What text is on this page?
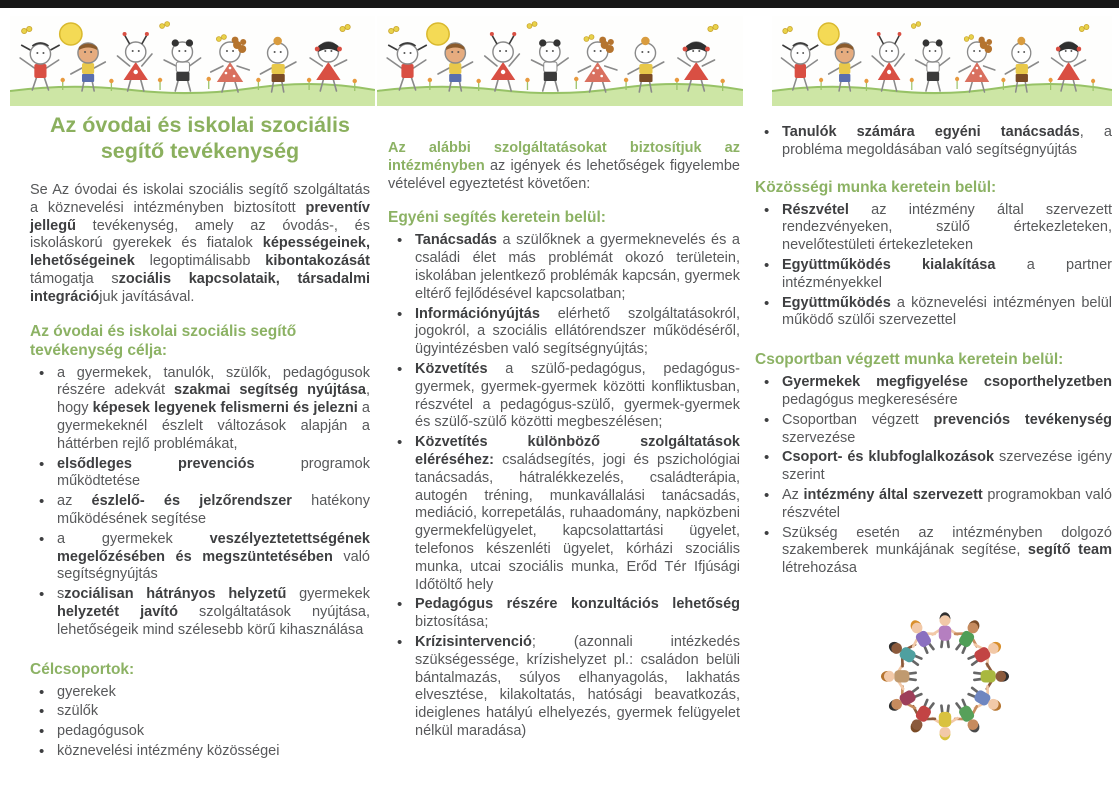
Az óvodai és iskolai szociális segítő tevékenység

Se Az óvodai és iskolai szociális segítő szolgáltatás a köznevelési intézményben biztosított preventív jellegű tevékenység, amely az óvodás-, és iskoláskorú gyerekek és fiatalok képességeinek, lehetőségeinek legoptimálisabb kibontakozását támogatja szociális kapcsolataik, társadalmi integrációjuk javításával.

Az óvodai és iskolai szociális segítő tevékenység célja:
• a gyermekek, tanulók, szülők, pedagógusok részére adekvát szakmai segítség nyújtása, hogy képesek legyenek felismerni és jelezni a gyermekeknél észlelt változások alapján a háttérben rejlő problémákat,
• elsődleges prevenciós programok működtetése
• az észlelő- és jelzőrendszer hatékony működésének segítése
• a gyermekek veszélyeztetettségének megelőzésében és megszüntetésében való segítségnyújtás
• szociálisan hátrányos helyzetű gyermekek helyzetét javító szolgáltatások nyújtása, lehetőségeik mind szélesebb körű kihasználása
Célcsoportok:
• gyerekek
• szülők
• pedagógusok
• köznevelési intézmény közösségei

Az alábbi szolgáltatásokat biztosítjuk az intézményben az igények és lehetőségek figyelembe vételével egyeztetést követően:

Egyéni segítés keretein belül:
• Tanácsadás a szülőknek a gyermeknevelés és a családi élet más problémát okozó területein, iskolában jelentkező problémák kapcsán, gyermek eltérő fejlődésével kapcsolatban;
• Információnyújtás elérhető szolgáltatásokról, jogokról, a szociális ellátórendszer működéséről, ügyintézésben való segítségnyújtás;
• Közvetítés a szülő-pedagógus, pedagógus-gyermek, gyermek-gyermek közötti konfliktusban, részvétel a pedagógus-szülő, gyermek-gyermek és szülő-szülő közötti megbeszélésen;
• Közvetítés különböző szolgáltatások eléréséhez: családsegítés, jogi és pszichológiai tanácsadás, hátralékkezelés, családterápia, autogén tréning, munkavállalási tanácsadás, mediáció, korrepetálás, ruhaadomány, napközbeni gyermekfelügyelet, kapcsolattartási ügyelet, telefonos készenléti ügyelet, kórházi szociális munka, utcai szociális munka, Erőd Tér Ifjúsági Időtöltő hely
• Pedagógus részére konzultációs lehetőség biztosítása;
• Krízisintervenció; (azonnali intézkedés szükségessége, krízishelyzet pl.: családon belüli bántalmazás, súlyos elhanyagolás, lakhatás elvesztése, kilakoltatás, hatósági beavatkozás, ideiglenes hatályú elhelyezés, gyermek felügyelet nélkül maradása)
• Tanulók számára egyéni tanácsadás, a probléma megoldásában való segítségnyújtás
Közösségi munka keretein belül:
• Részvétel az intézmény által szervezett rendezvényeken, szülő értekezleteken, nevelőtestületi értekezleteken
• Együttműködés kialakítása a partner intézményekkel
• Együttműködés a köznevelési intézményen belül működő szülői szervezettel
Csoportban végzett munka keretein belül:
• Gyermekek megfigyelése csoporthelyzetben pedagógus megkeresésére
• Csoportban végzett prevenciós tevékenység szervezése
• Csoport- és klubfoglalkozások szervezése igény szerint
• Az intézmény által szervezett programokban való részvétel
• Szükség esetén az intézményben dolgozó szakemberek munkájának segítése, segítő team létrehozása
